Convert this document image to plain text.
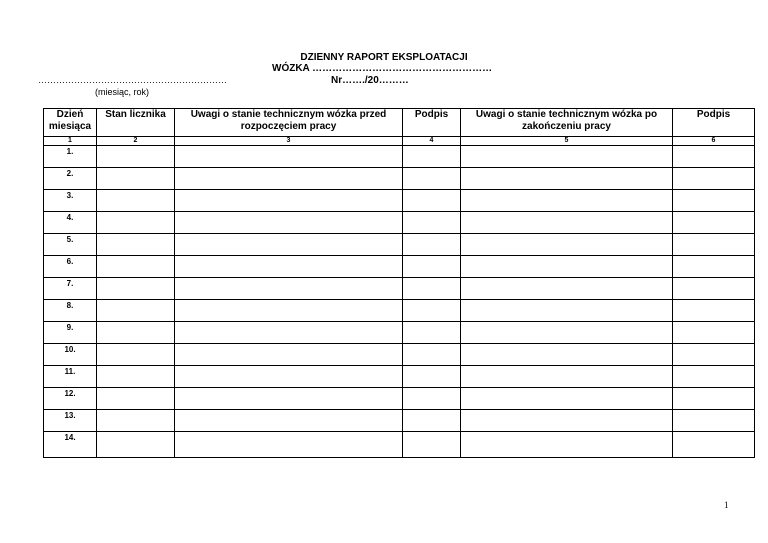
DZIENNY RAPORT EKSPLOATACJI
WÓZKA ………………………………………………
Nr……./20………
………………………………………………………
(miesiąc, rok)
Dzień miesiąca	Stan licznika	Uwagi o stanie technicznym wózka przed rozpoczęciem pracy	Podpis	Uwagi o stanie technicznym wózka po zakończeniu pracy	Podpis
1	2	3	4	5	6
1.					
2.					
3.					
4.					
5.					
6.					
7.					
8.					
9.					
10.					
11.					
12.					
13.					
14.					
1
